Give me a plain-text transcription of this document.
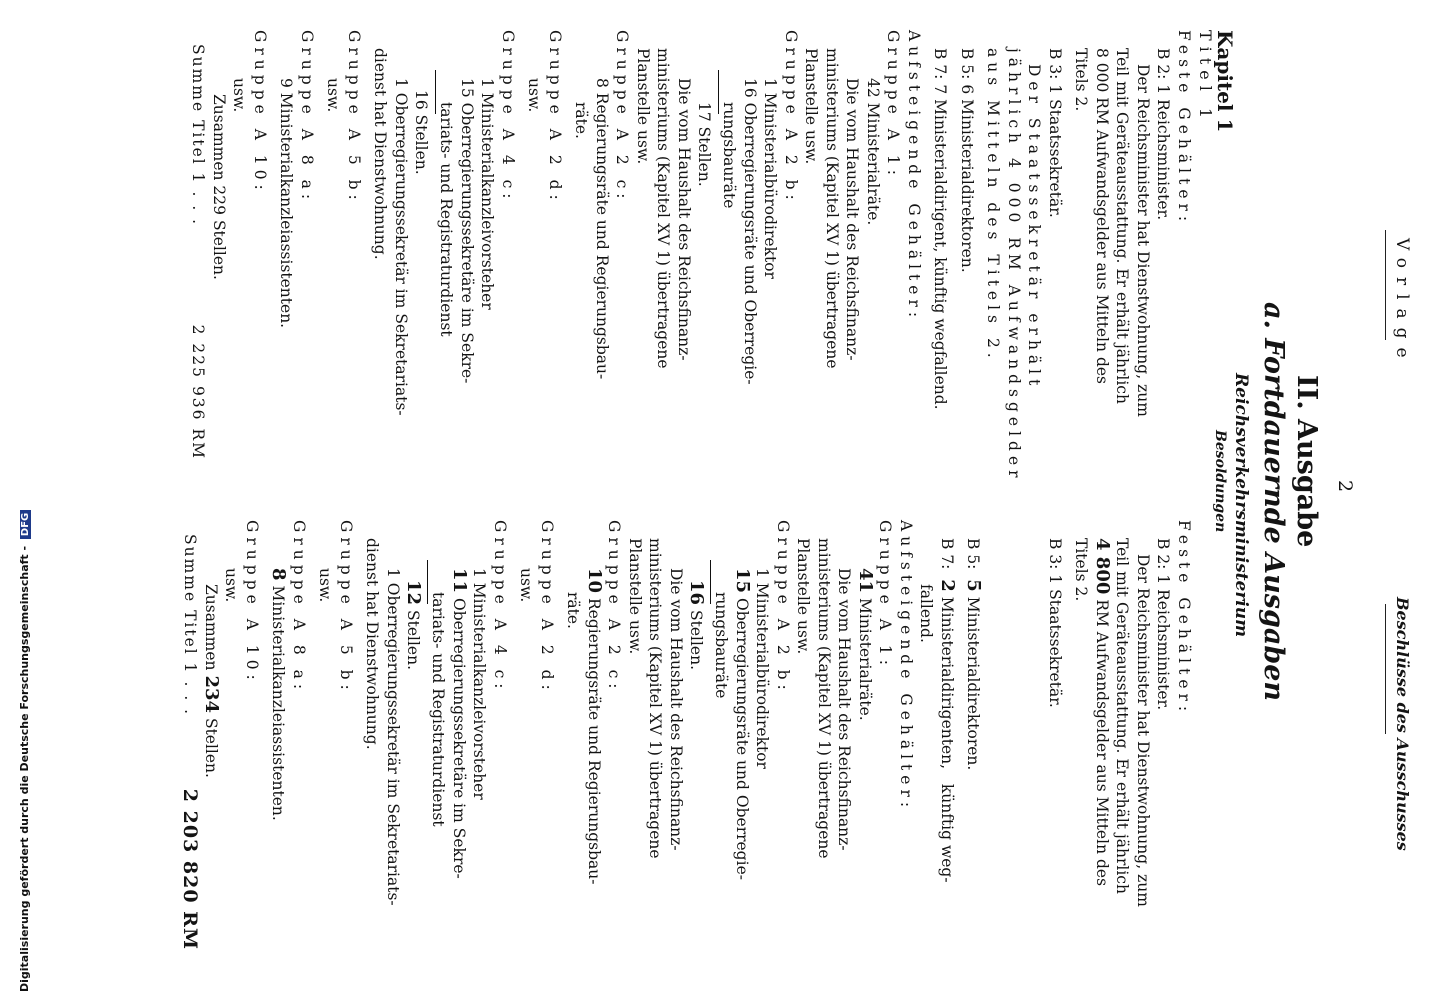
Vorlage
2
Beschlüsse des Ausschusses
II. Ausgabe
a. Fortdauernde Ausgaben
Reichsverkehrsministerium
Besoldungen
Kapitel 1
Titel 1
Feste Gehälter:
B 2: 1 Reichsminister.
Der Reichsminister hat Dienstwohnung, zum
Teil mit Geräteausstattung. Er erhält jährlich
8 000 RM Aufwandsgelder aus Mitteln des
Titels 2.
B 3: 1 Staatssekretär.
Der Staatssekretär erhält
jährlich 4 000 RM Aufwandsgelder
aus Mitteln des Titels 2.
B 5: 6 Ministerialdirektoren.
B 7: 7 Ministerialdirigent, künftig wegfallend.
Aufsteigende Gehälter:
Gruppe A 1:
42 Ministerialräte.
Die vom Haushalt des Reichsfinanz-
ministeriums (Kapitel XV 1) übertragene
Planstelle usw.
Gruppe A 2 b:
1 Ministerialbürodirektor
16 Oberregierungsräte und Oberregie-
rungsbauräte
17 Stellen.
Die vom Haushalt des Reichsfinanz-
ministeriums (Kapitel XV 1) übertragene
Planstelle usw.
Gruppe A 2 c:
8 Regierungsräte und Regierungsbau-
räte.
Gruppe A 2 d:
usw.
Gruppe A 4 c:
1 Ministerialkanzleivorsteher
15 Oberregierungssekretäre im Sekre-
tariats- und Registraturdienst
16 Stellen.
1 Oberregierungssekretär im Sekretariats-
dienst hat Dienstwohnung.
Gruppe A 5 b:
usw.
Gruppe A 8 a:
9 Ministerialkanzleiassistenten.
Gruppe A 10:
usw.
Zusammen 229 Stellen.
Summe Titel 1 . . .
2 225 936 RM
Feste Gehälter:
B 2: 1 Reichsminister.
Der Reichsminister hat Dienstwohnung, zum
Teil mit Geräteausstattung. Er erhält jährlich
4 800 RM Aufwandsgelder aus Mitteln des
Titels 2.
B 3: 1 Staatssekretär.
B 5:  5 Ministerialdirektoren.
B 7:  2 Ministerialdirigenten,   künftig weg-
fallend.
Aufsteigende Gehälter:
Gruppe A 1:
41 Ministerialräte.
Die vom Haushalt des Reichsfinanz-
ministeriums (Kapitel XV 1) übertragene
Planstelle usw.
Gruppe A 2 b:
1 Ministerialbürodirektor
15 Oberregierungsräte und Oberregie-
rungsbauräte
16 Stellen.
Die vom Haushalt des Reichsfinanz-
ministeriums (Kapitel XV 1) übertragene
Planstelle usw.
Gruppe A 2 c:
10 Regierungsräte und Regierungsbau-
räte.
Gruppe A 2 d:
usw.
Gruppe A 4 c:
1 Ministerialkanzleivorsteher
11 Oberregierungssekretäre im Sekre-
tariats- und Registraturdienst
12 Stellen.
1 Oberregierungssekretär im Sekretariats-
dienst hat Dienstwohnung.
Gruppe A 5 b:
usw.
Gruppe A 8 a:
8 Ministerialkanzleiassistenten.
Gruppe A 10:
usw.
Zusammen 234 Stellen.
Summe Titel 1 . . .
2 203 820 RM
Digitalisierung gefördert durch die Deutsche Forschungsgemeinschaft - DFG
